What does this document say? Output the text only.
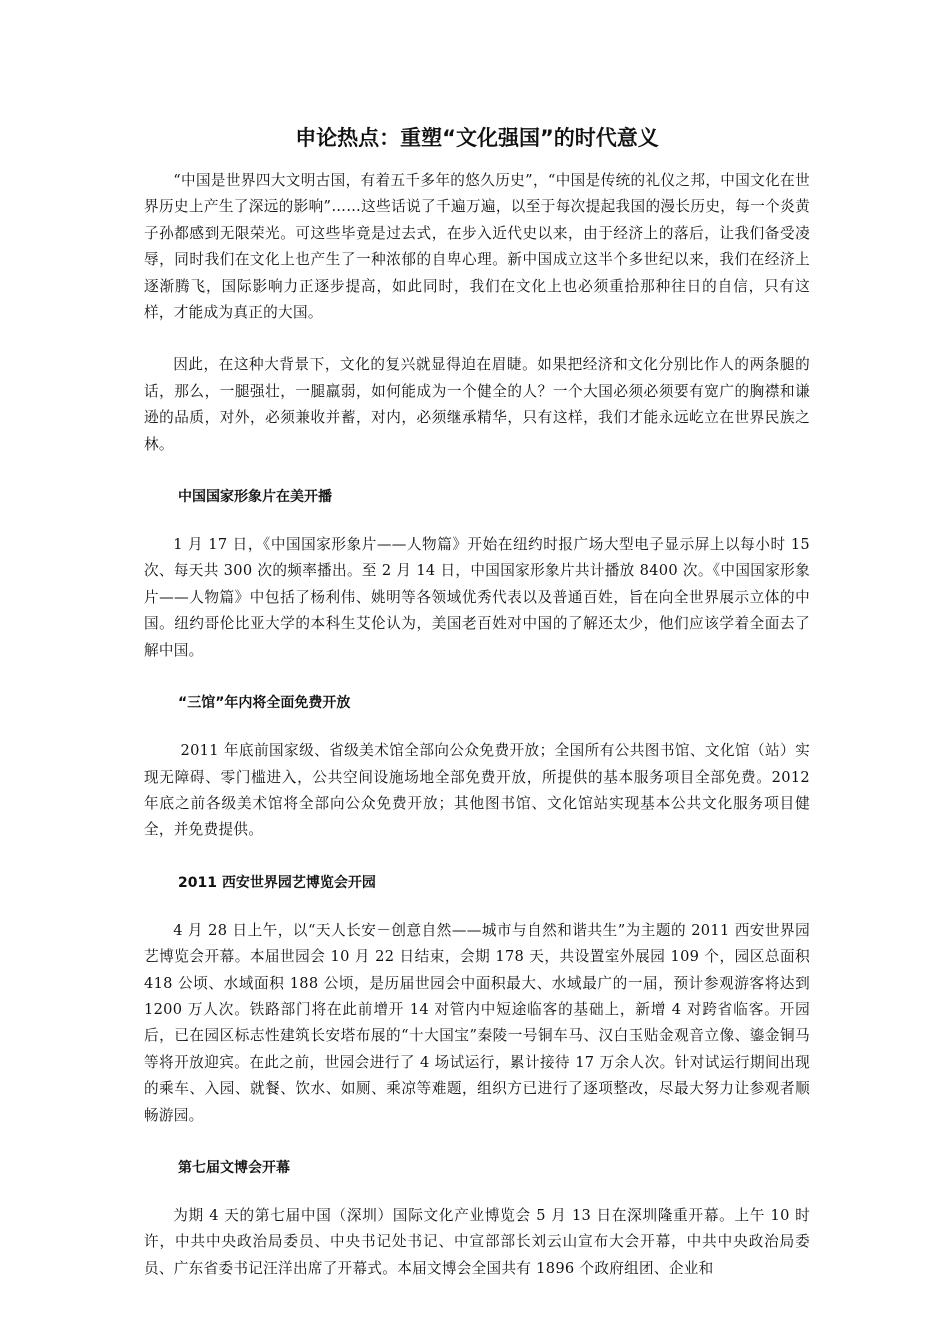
申论热点：重塑“文化强国”的时代意义

“中国是世界四大文明古国，有着五千多年的悠久历史”，“中国是传统的礼仪之邦，中国文化在世界历史上产生了深远的影响”……这些话说了千遍万遍，以至于每次提起我国的漫长历史，每一个炎黄子孙都感到无限荣光。可这些毕竟是过去式，在步入近代史以来，由于经济上的落后，让我们备受凌辱，同时我们在文化上也产生了一种浓郁的自卑心理。新中国成立这半个多世纪以来，我们在经济上逐渐腾飞，国际影响力正逐步提高，如此同时，我们在文化上也必须重拾那种往日的自信，只有这样，才能成为真正的大国。

因此，在这种大背景下，文化的复兴就显得迫在眉睫。如果把经济和文化分别比作人的两条腿的话，那么，一腿强壮，一腿羸弱，如何能成为一个健全的人？一个大国必须必须要有宽广的胸襟和谦逊的品质，对外，必须兼收并蓄，对内，必须继承精华，只有这样，我们才能永远屹立在世界民族之林。

中国国家形象片在美开播

1 月 17 日，《中国国家形象片——人物篇》开始在纽约时报广场大型电子显示屏上以每小时 15 次、每天共 300 次的频率播出。至 2 月 14 日，中国国家形象片共计播放 8400 次。《中国国家形象片——人物篇》中包括了杨利伟、姚明等各领域优秀代表以及普通百姓，旨在向全世界展示立体的中国。纽约哥伦比亚大学的本科生艾伦认为，美国老百姓对中国的了解还太少，他们应该学着全面去了解中国。

“三馆”年内将全面免费开放

2011 年底前国家级、省级美术馆全部向公众免费开放；全国所有公共图书馆、文化馆（站）实现无障碍、零门槛进入，公共空间设施场地全部免费开放，所提供的基本服务项目全部免费。2012 年底之前各级美术馆将全部向公众免费开放；其他图书馆、文化馆站实现基本公共文化服务项目健全，并免费提供。

2011 西安世界园艺博览会开园

4 月 28 日上午，以“天人长安－创意自然——城市与自然和谐共生”为主题的 2011 西安世界园艺博览会开幕。本届世园会 10 月 22 日结束，会期 178 天，共设置室外展园 109 个，园区总面积 418 公顷、水域面积 188 公顷，是历届世园会中面积最大、水域最广的一届，预计参观游客将达到 1200 万人次。铁路部门将在此前增开 14 对管内中短途临客的基础上，新增 4 对跨省临客。开园后，已在园区标志性建筑长安塔布展的“十大国宝”秦陵一号铜车马、汉白玉贴金观音立像、鎏金铜马等将开放迎宾。在此之前，世园会进行了 4 场试运行，累计接待 17 万余人次。针对试运行期间出现的乘车、入园、就餐、饮水、如厕、乘凉等难题，组织方已进行了逐项整改，尽最大努力让参观者顺畅游园。

第七届文博会开幕

为期 4 天的第七届中国（深圳）国际文化产业博览会 5 月 13 日在深圳隆重开幕。上午 10 时许，中共中央政治局委员、中央书记处书记、中宣部部长刘云山宣布大会开幕，中共中央政治局委员、广东省委书记汪洋出席了开幕式。本届文博会全国共有 1896 个政府组团、企业和
